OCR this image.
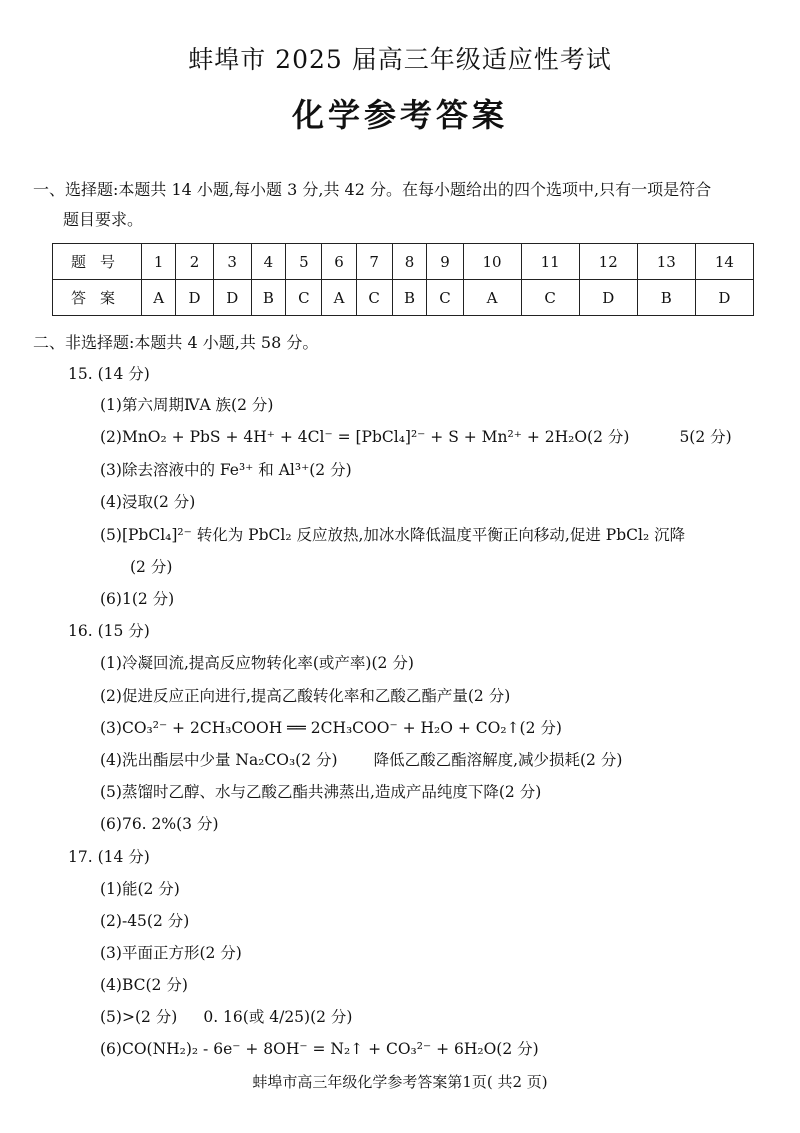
蚌埠市 2025 届高三年级适应性考试
化学参考答案
一、选择题:本题共 14 小题,每小题 3 分,共 42 分。在每小题给出的四个选项中,只有一项是符合
题目要求。
题号	1	2	3	4	5	6	7	8	9	10	11	12	13	14
答案	A	D	D	B	C	A	C	B	C	A	C	D	B	D
二、非选择题:本题共 4 小题,共 58 分。
15. (14 分)
(1)第六周期ⅣA 族(2 分)
(2)MnO₂ + PbS + 4H⁺ + 4Cl⁻ = [PbCl₄]²⁻ + S + Mn²⁺ + 2H₂O(2 分)	5(2 分)
(3)除去溶液中的 Fe³⁺ 和 Al³⁺(2 分)
(4)浸取(2 分)
(5)[PbCl₄]²⁻ 转化为 PbCl₂ 反应放热,加冰水降低温度平衡正向移动,促进 PbCl₂ 沉降
(2 分)
(6)1(2 分)
16. (15 分)
(1)冷凝回流,提高反应物转化率(或产率)(2 分)
(2)促进反应正向进行,提高乙酸转化率和乙酸乙酯产量(2 分)
(3)CO₃²⁻ + 2CH₃COOH ══ 2CH₃COO⁻ + H₂O + CO₂↑(2 分)
(4)洗出酯层中少量 Na₂CO₃(2 分) 降低乙酸乙酯溶解度,减少损耗(2 分)
(5)蒸馏时乙醇、水与乙酸乙酯共沸蒸出,造成产品纯度下降(2 分)
(6)76. 2%(3 分)
17. (14 分)
(1)能(2 分)
(2)-45(2 分)
(3)平面正方形(2 分)
(4)BC(2 分)
(5)>(2 分) 0. 16(或 4/25)(2 分)
(6)CO(NH₂)₂ - 6e⁻ + 8OH⁻ = N₂↑ + CO₃²⁻ + 6H₂O(2 分)
蚌埠市高三年级化学参考答案第1页( 共2 页)
